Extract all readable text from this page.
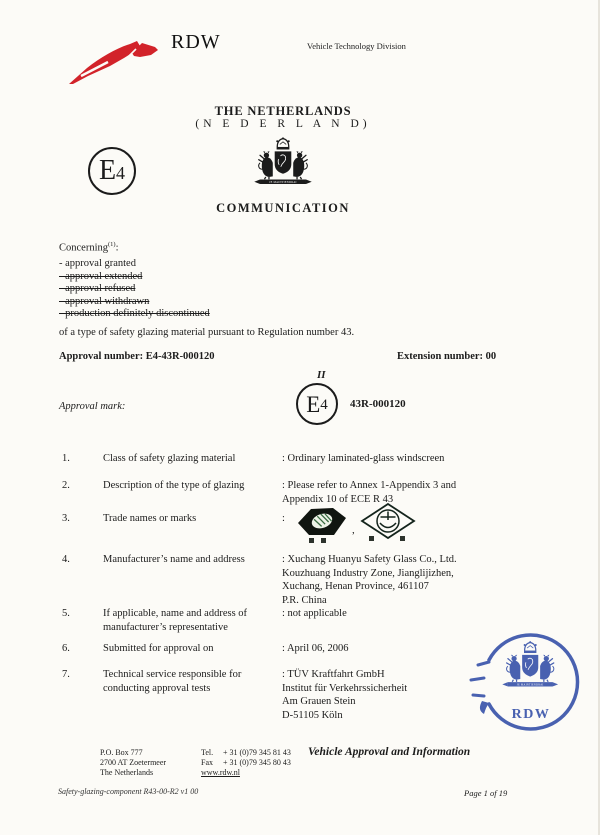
RDW	Vehicle Technology Division
THE NETHERLANDS
(N E D E R L A N D)
COMMUNICATION
E 4
Concerning$^{(1)}$:
- approval granted
- approval extended
- approval refused
- approval withdrawn
- production definitely discontinued
of a type of safety glazing material pursuant to Regulation number 43.
Approval number: E4-43R-000120	Extension number: 00
Approval mark:
II
E 4 43R-000120
1.	Class of safety glazing material	: Ordinary laminated-glass windscreen
2.	Description of the type of glazing	: Please refer to Annex 1-Appendix 3 and
Appendix 10 of ECE R 43
3.	Trade names or marks	:
,
4.	Manufacturer’s name and address	: Xuchang Huanyu Safety Glass Co., Ltd.
Kouzhuang Industry Zone, Jianglijizhen,
Xuchang, Henan Province, 461107
P.R. China
5.	If applicable, name and address of
manufacturer’s representative
: not applicable
6.	Submitted for approval on	: April 06, 2006
7.	Technical service responsible for
conducting approval tests
: TÜV Kraftfahrt GmbH
Institut für Verkehrssicherheit
Am Grauen Stein
D-51105 Köln	RDW
P.O. Box 777
2700 AT Zoetermeer
The Netherlands
Tel. + 31 (0)79 345 81 43
Fax + 31 (0)79 345 80 43
www.rdw.nl
Vehicle Approval and Information
Safety-glazing-component R43-00-R2 v1 00	Page 1 of 19
